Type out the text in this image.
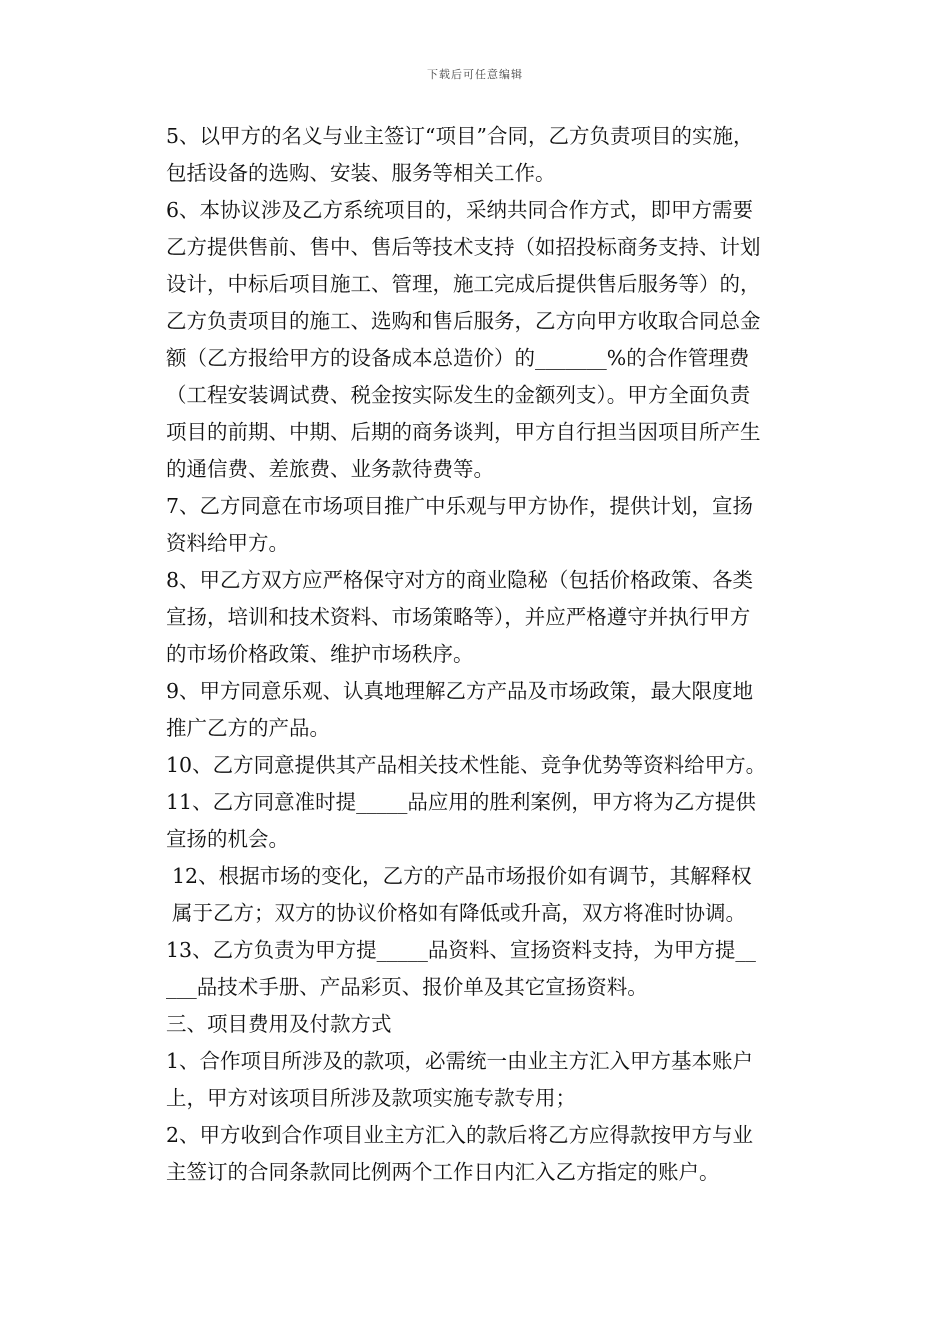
下载后可任意编辑

5、以甲方的名义与业主签订“项目”合同，乙方负责项目的实施，
包括设备的选购、安装、服务等相关工作。

6、本协议涉及乙方系统项目的，采纳共同合作方式，即甲方需要
乙方提供售前、售中、售后等技术支持（如招投标商务支持、计划
设计，中标后项目施工、管理，施工完成后提供售后服务等）的，
乙方负责项目的施工、选购和售后服务，乙方向甲方收取合同总金
额（乙方报给甲方的设备成本总造价）的_______%的合作管理费
（工程安装调试费、税金按实际发生的金额列支）。甲方全面负责
项目的前期、中期、后期的商务谈判，甲方自行担当因项目所产生
的通信费、差旅费、业务款待费等。

7、乙方同意在市场项目推广中乐观与甲方协作，提供计划，宣扬
资料给甲方。

8、甲乙方双方应严格保守对方的商业隐秘（包括价格政策、各类
宣扬，培训和技术资料、市场策略等），并应严格遵守并执行甲方
的市场价格政策、维护市场秩序。

9、甲方同意乐观、认真地理解乙方产品及市场政策，最大限度地
推广乙方的产品。

10、乙方同意提供其产品相关技术性能、竞争优势等资料给甲方。

11、乙方同意准时提_____品应用的胜利案例，甲方将为乙方提供
宣扬的机会。

12、根据市场的变化，乙方的产品市场报价如有调节，其解释权
属于乙方；双方的协议价格如有降低或升高，双方将准时协调。

13、乙方负责为甲方提_____品资料、宣扬资料支持，为甲方提__
___品技术手册、产品彩页、报价单及其它宣扬资料。

三、项目费用及付款方式

1、合作项目所涉及的款项，必需统一由业主方汇入甲方基本账户
上，甲方对该项目所涉及款项实施专款专用；

2、甲方收到合作项目业主方汇入的款后将乙方应得款按甲方与业
主签订的合同条款同比例两个工作日内汇入乙方指定的账户。
